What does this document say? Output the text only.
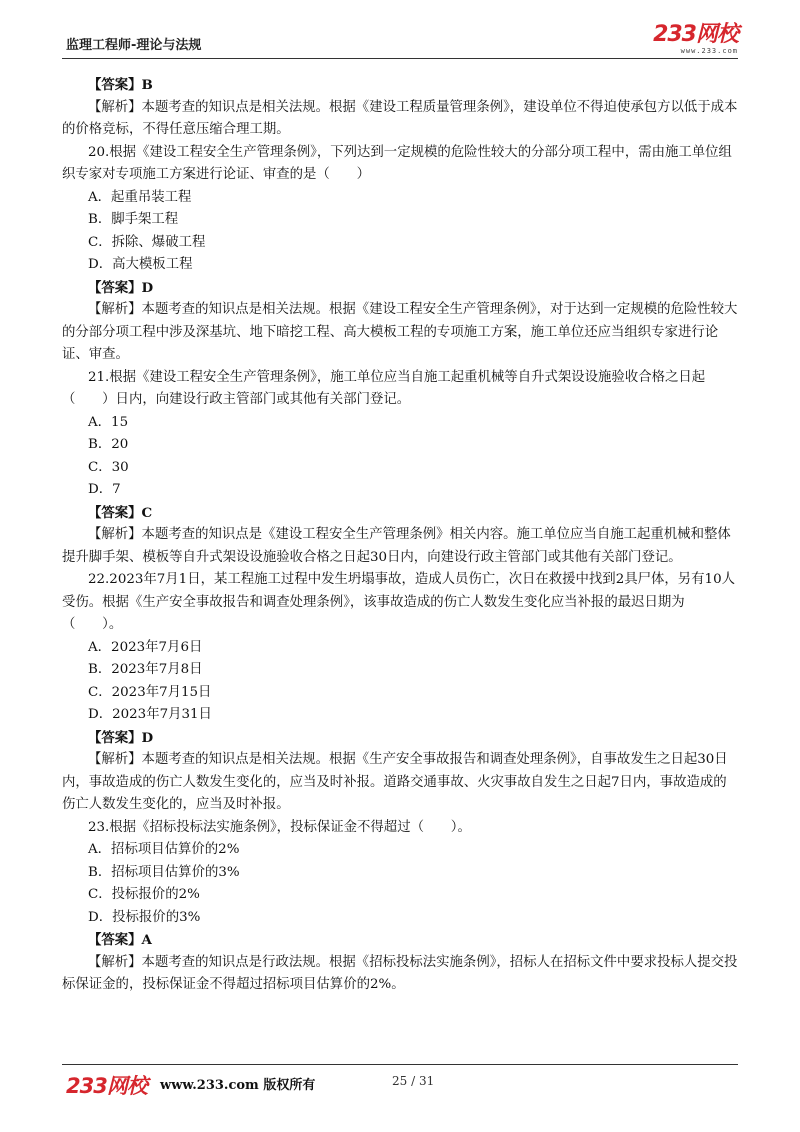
监理工程师-理论与法规	233网校
www.233.com

【答案】B

【解析】本题考查的知识点是相关法规。根据《建设工程质量管理条例》，建设单位不得迫使承包方以低于成本的价格竞标，不得任意压缩合理工期。

20.根据《建设工程安全生产管理条例》，下列达到一定规模的危险性较大的分部分项工程中，需由施工单位组织专家对专项施工方案进行论证、审查的是（　　）

A．起重吊装工程

B．脚手架工程

C．拆除、爆破工程

D．高大模板工程

【答案】D

【解析】本题考查的知识点是相关法规。根据《建设工程安全生产管理条例》，对于达到一定规模的危险性较大的分部分项工程中涉及深基坑、地下暗挖工程、高大模板工程的专项施工方案，施工单位还应当组织专家进行论证、审查。

21.根据《建设工程安全生产管理条例》，施工单位应当自施工起重机械等自升式架设设施验收合格之日起（　　）日内，向建设行政主管部门或其他有关部门登记。

A．15

B．20

C．30

D．7

【答案】C

【解析】本题考查的知识点是《建设工程安全生产管理条例》相关内容。施工单位应当自施工起重机械和整体提升脚手架、模板等自升式架设设施验收合格之日起30日内，向建设行政主管部门或其他有关部门登记。

22.2023年7月1日，某工程施工过程中发生坍塌事故，造成人员伤亡，次日在救援中找到2具尸体，另有10人受伤。根据《生产安全事故报告和调查处理条例》，该事故造成的伤亡人数发生变化应当补报的最迟日期为（　　）。

A．2023年7月6日

B．2023年7月8日

C．2023年7月15日

D．2023年7月31日

【答案】D

【解析】本题考查的知识点是相关法规。根据《生产安全事故报告和调查处理条例》，自事故发生之日起30日内，事故造成的伤亡人数发生变化的，应当及时补报。道路交通事故、火灾事故自发生之日起7日内，事故造成的伤亡人数发生变化的，应当及时补报。

23.根据《招标投标法实施条例》，投标保证金不得超过（　　）。

A．招标项目估算价的2%

B．招标项目估算价的3%

C．投标报价的2%

D．投标报价的3%

【答案】A

【解析】本题考查的知识点是行政法规。根据《招标投标法实施条例》，招标人在招标文件中要求投标人提交投标保证金的，投标保证金不得超过招标项目估算价的2%。

233网校 www.233.com 版权所有	25 / 31
